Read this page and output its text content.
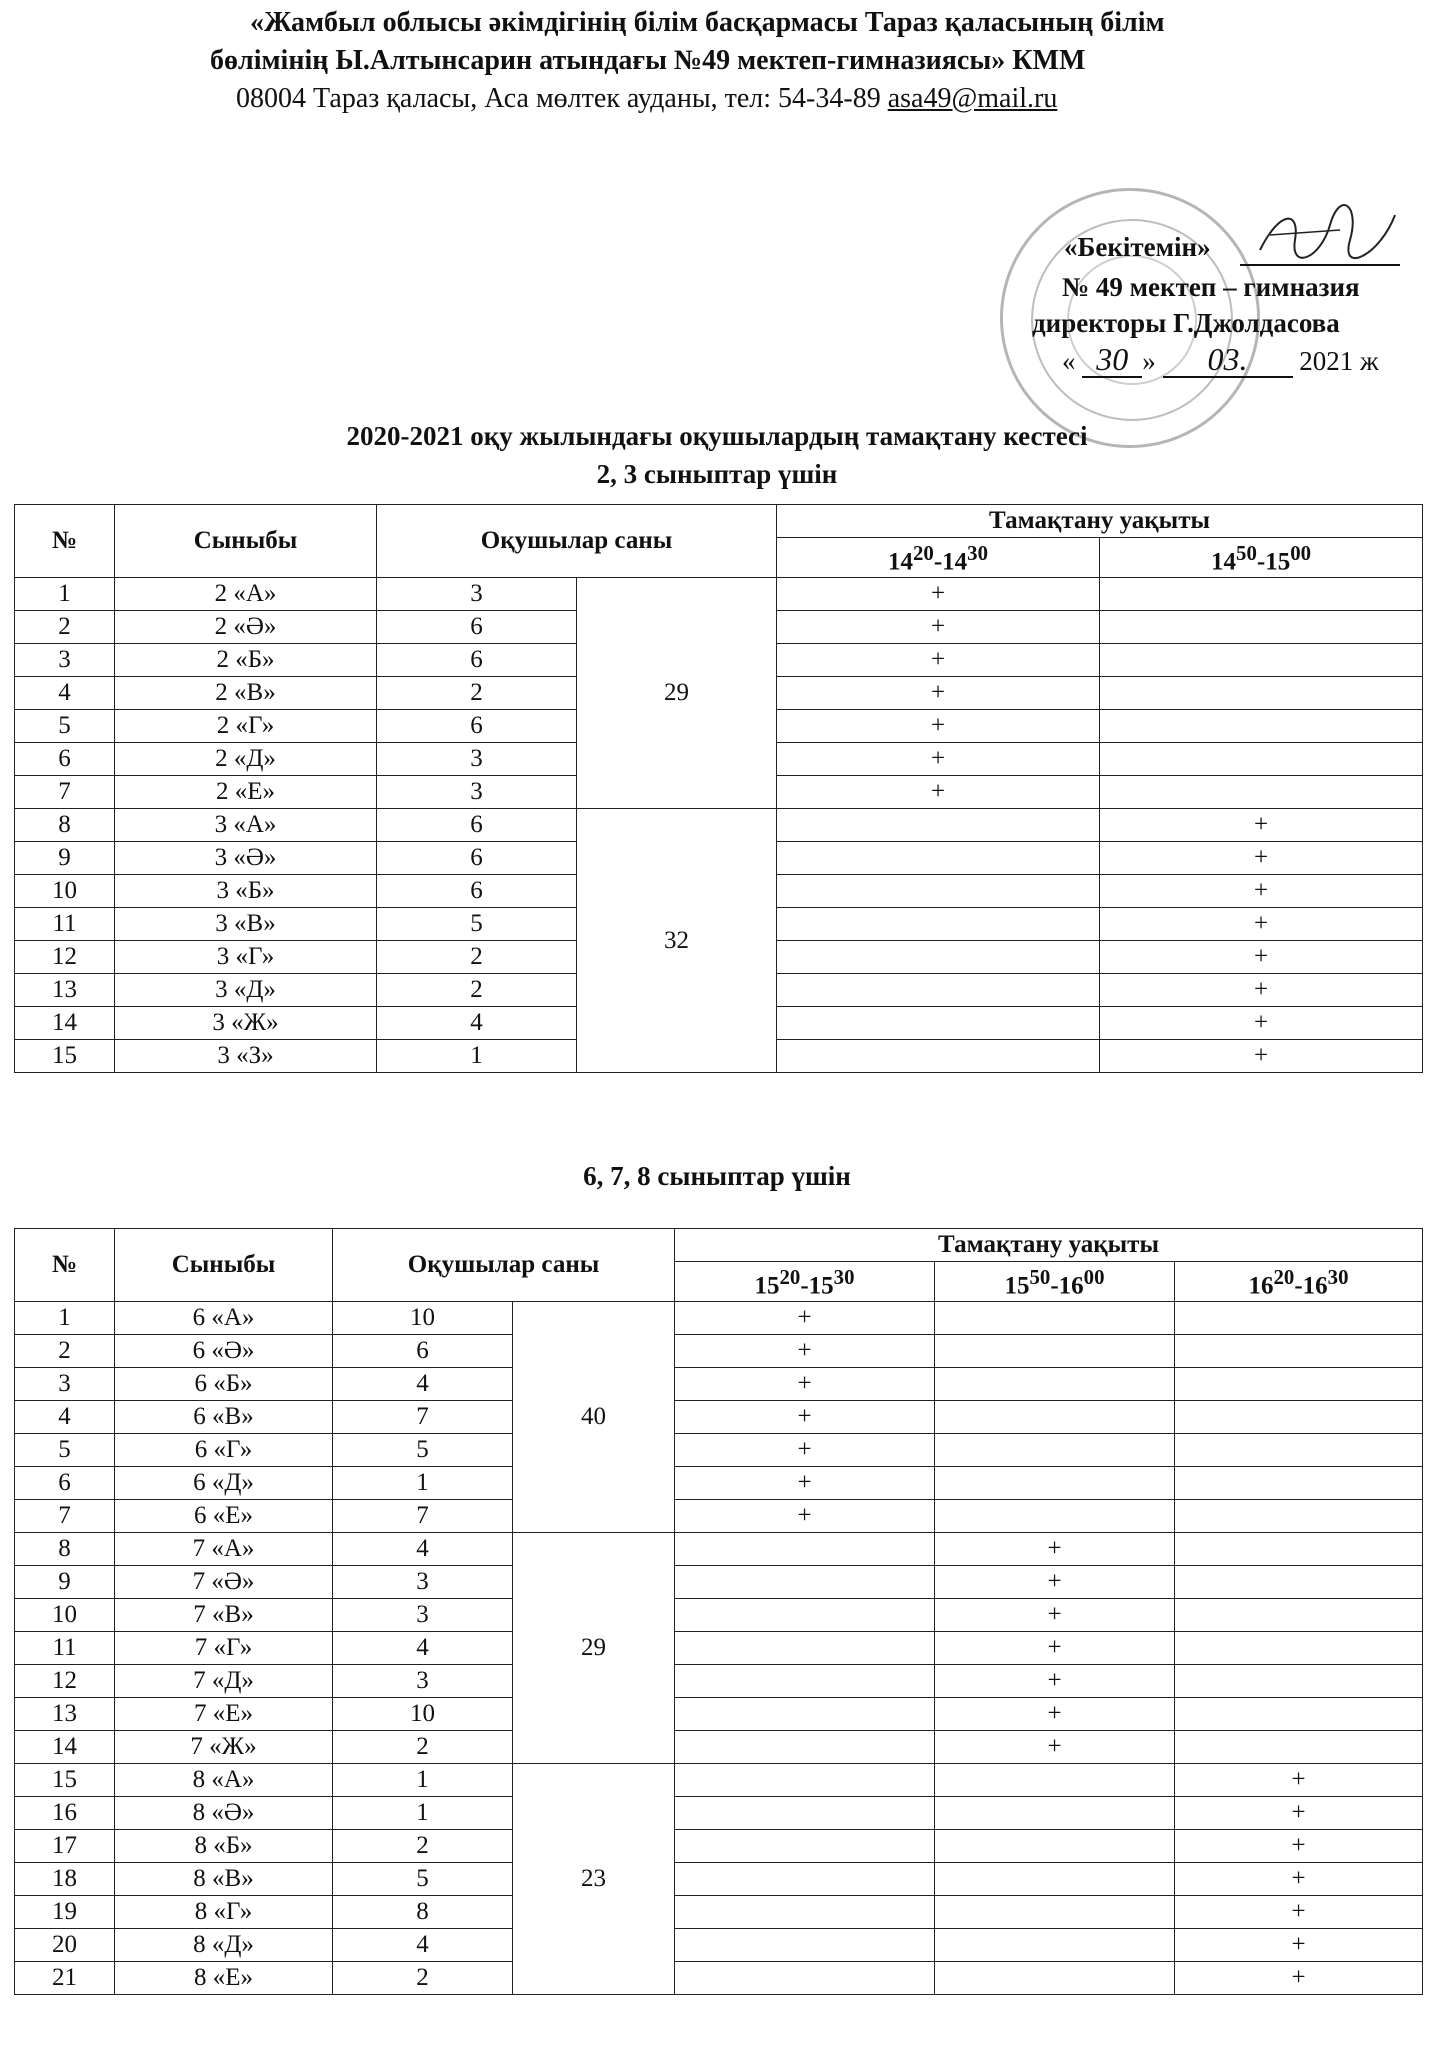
«Жамбыл облысы әкімдігінің білім басқармасы Тараз қаласының білім
бөлімінің Ы.Алтынсарин атындағы №49 мектеп-гимназиясы» КММ
08004 Тараз қаласы, Аса мөлтек ауданы, тел: 54-34-89 asa49@mail.ru
«Бекітемін»
№ 49 мектеп – гимназия
директоры Г.Джолдасова
« 30 » 03. 2021 ж
2020-2021 оқу жылындағы оқушылардың тамақтану кестесі
2, 3 сыныптар үшін
№	Сыныбы	Оқушылар саны		Тамақтану уақыты	
				$14^{20}-14^{30}$	$14^{50}-15^{00}$
1	2 «А»	3	29	+	
2	2 «Ә»	6		+	
3	2 «Б»	6		+	
4	2 «В»	2		+	
5	2 «Г»	6		+	
6	2 «Д»	3		+	
7	2 «Е»	3		+	
8	3 «А»	6	32		+
9	3 «Ә»	6			+
10	3 «Б»	6			+
11	3 «В»	5			+
12	3 «Г»	2			+
13	3 «Д»	2			+
14	3 «Ж»	4			+
15	3 «З»	1			+
6, 7, 8 сыныптар үшін
№	Сыныбы	Оқушылар саны		Тамақтану уақыты		
				$15^{20}-15^{30}$	$15^{50}-16^{00}$	$16^{20}-16^{30}$
1	6 «А»	10	40	+		
2	6 «Ә»	6		+		
3	6 «Б»	4		+		
4	6 «В»	7		+		
5	6 «Г»	5		+		
6	6 «Д»	1		+		
7	6 «Е»	7		+		
8	7 «А»	4	29		+	
9	7 «Ә»	3			+	
10	7 «В»	3			+	
11	7 «Г»	4			+	
12	7 «Д»	3			+	
13	7 «Е»	10			+	
14	7 «Ж»	2			+	
15	8 «А»	1	23			+
16	8 «Ә»	1				+
17	8 «Б»	2				+
18	8 «В»	5				+
19	8 «Г»	8				+
20	8 «Д»	4				+
21	8 «Е»	2				+
